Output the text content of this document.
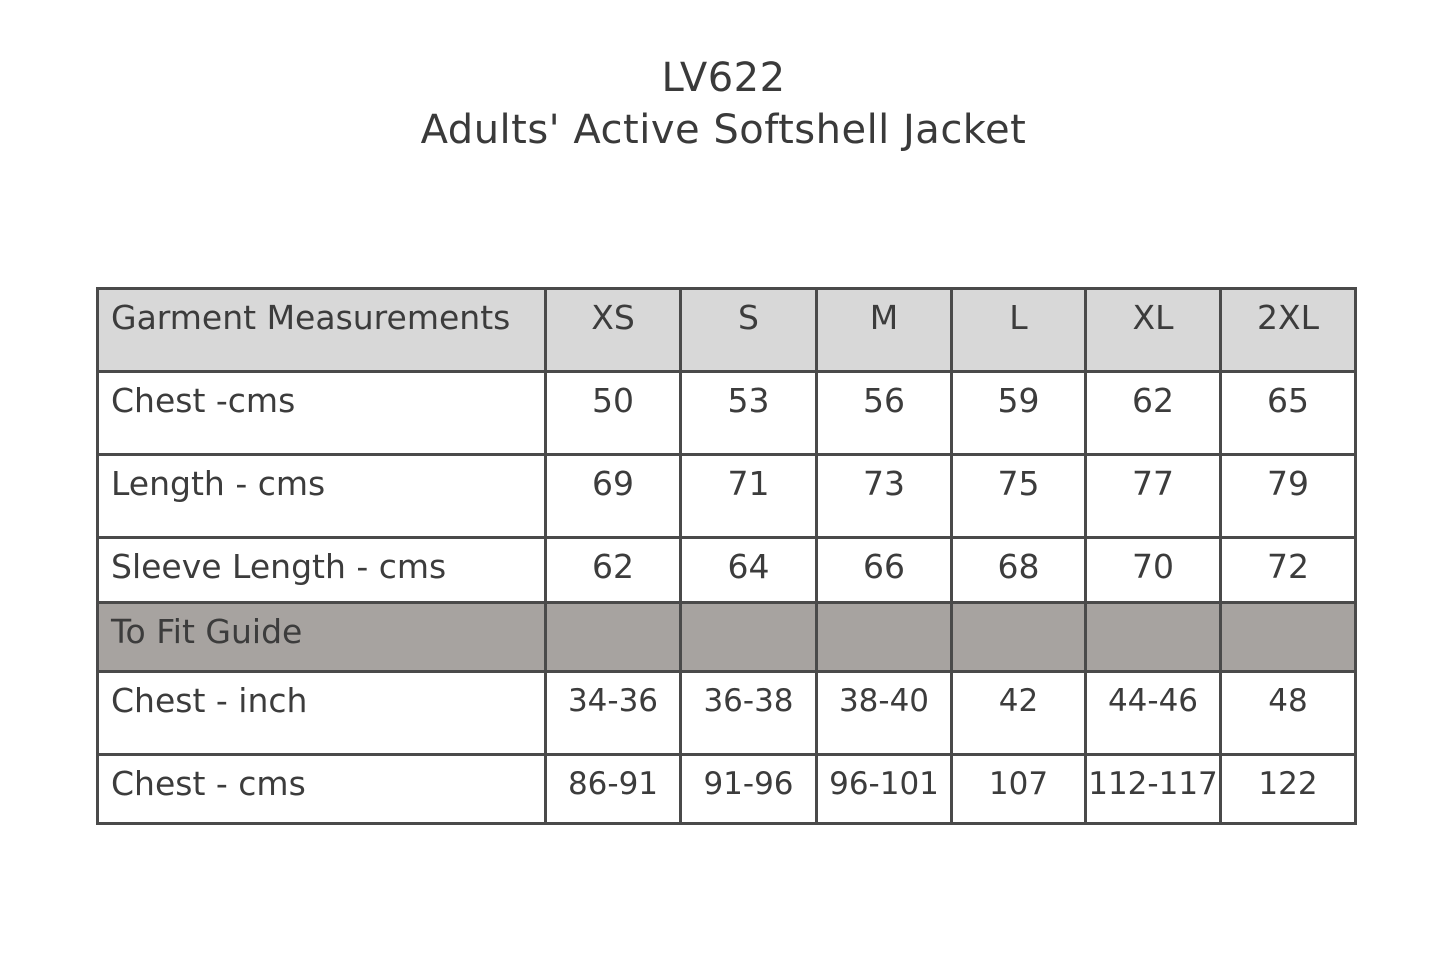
LV622
Adults' Active Softshell Jacket
Garment Measurements	XS	S	M	L	XL	2XL

Chest -cms	50	53	56	59	62	65

Length - cms	69	71	73	75	77	79

Sleeve Length - cms	62	64	66	68	70	72

To Fit Guide						

Chest - inch	34-36	36-38	38-40	42	44-46	48

Chest - cms	86-91	91-96	96-101	107	112-117	122
